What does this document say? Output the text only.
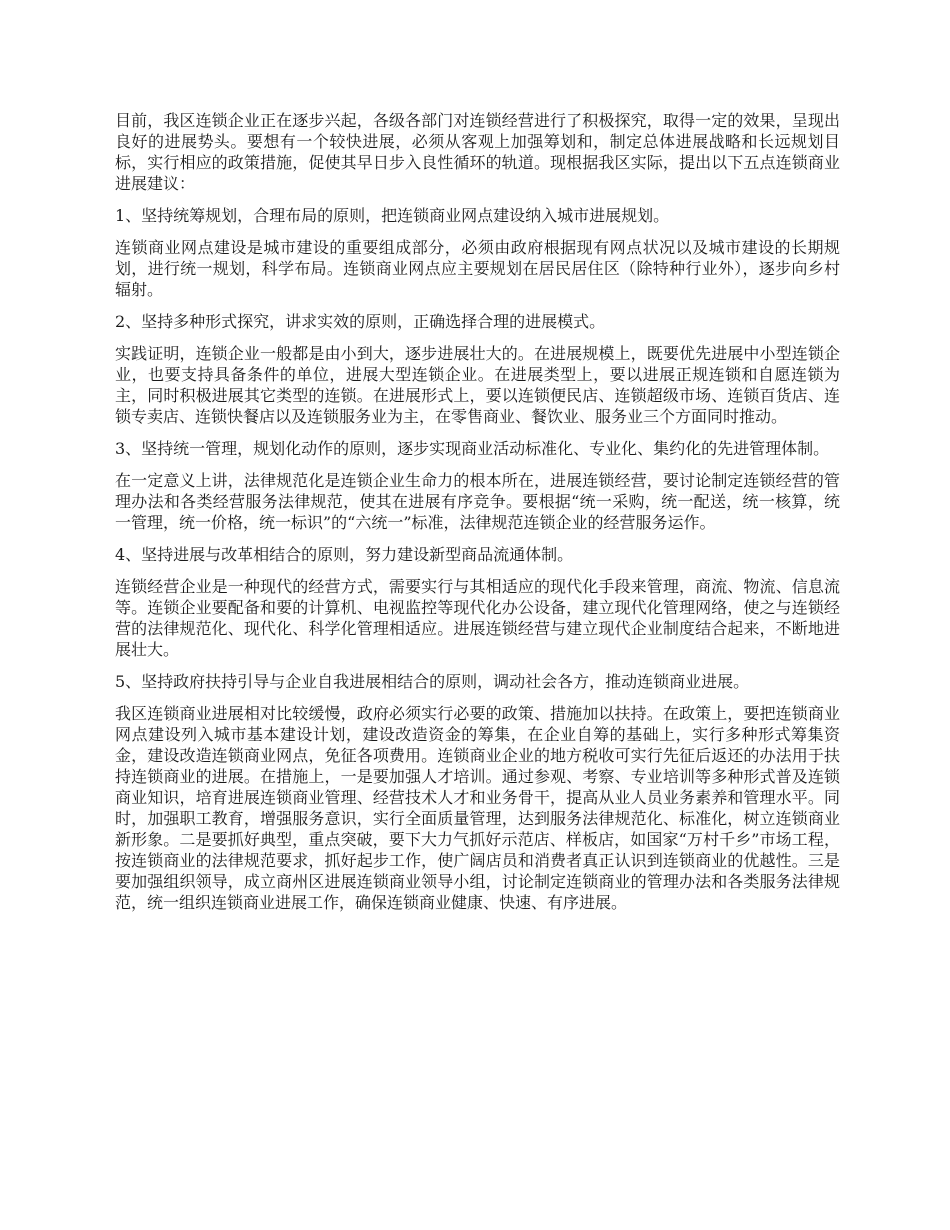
目前，我区连锁企业正在逐步兴起，各级各部门对连锁经营进行了积极探究，取得一定的效果，呈现出良好的进展势头。要想有一个较快进展，必须从客观上加强筹划和，制定总体进展战略和长远规划目标，实行相应的政策措施，促使其早日步入良性循环的轨道。现根据我区实际，提出以下五点连锁商业进展建议：

1、坚持统筹规划，合理布局的原则，把连锁商业网点建设纳入城市进展规划。

连锁商业网点建设是城市建设的重要组成部分，必须由政府根据现有网点状况以及城市建设的长期规划，进行统一规划，科学布局。连锁商业网点应主要规划在居民居住区（除特种行业外），逐步向乡村辐射。

2、坚持多种形式探究，讲求实效的原则，正确选择合理的进展模式。

实践证明，连锁企业一般都是由小到大，逐步进展壮大的。在进展规模上，既要优先进展中小型连锁企业，也要支持具备条件的单位，进展大型连锁企业。在进展类型上，要以进展正规连锁和自愿连锁为主，同时积极进展其它类型的连锁。在进展形式上，要以连锁便民店、连锁超级市场、连锁百货店、连锁专卖店、连锁快餐店以及连锁服务业为主，在零售商业、餐饮业、服务业三个方面同时推动。

3、坚持统一管理，规划化动作的原则，逐步实现商业活动标准化、专业化、集约化的先进管理体制。

在一定意义上讲，法律规范化是连锁企业生命力的根本所在，进展连锁经营，要讨论制定连锁经营的管理办法和各类经营服务法律规范，使其在进展有序竞争。要根据“统一采购，统一配送，统一核算，统一管理，统一价格，统一标识”的“六统一”标准，法律规范连锁企业的经营服务运作。

4、坚持进展与改革相结合的原则，努力建设新型商品流通体制。

连锁经营企业是一种现代的经营方式，需要实行与其相适应的现代化手段来管理，商流、物流、信息流等。连锁企业要配备和要的计算机、电视监控等现代化办公设备，建立现代化管理网络，使之与连锁经营的法律规范化、现代化、科学化管理相适应。进展连锁经营与建立现代企业制度结合起来，不断地进展壮大。

5、坚持政府扶持引导与企业自我进展相结合的原则，调动社会各方，推动连锁商业进展。

我区连锁商业进展相对比较缓慢，政府必须实行必要的政策、措施加以扶持。在政策上，要把连锁商业网点建设列入城市基本建设计划，建设改造资金的筹集，在企业自筹的基础上，实行多种形式筹集资金，建设改造连锁商业网点，免征各项费用。连锁商业企业的地方税收可实行先征后返还的办法用于扶持连锁商业的进展。在措施上，一是要加强人才培训。通过参观、考察、专业培训等多种形式普及连锁商业知识，培育进展连锁商业管理、经营技术人才和业务骨干，提高从业人员业务素养和管理水平。同时，加强职工教育，增强服务意识，实行全面质量管理，达到服务法律规范化、标准化，树立连锁商业新形象。二是要抓好典型，重点突破，要下大力气抓好示范店、样板店，如国家“万村千乡”市场工程，按连锁商业的法律规范要求，抓好起步工作，使广阔店员和消费者真正认识到连锁商业的优越性。三是要加强组织领导，成立商州区进展连锁商业领导小组，讨论制定连锁商业的管理办法和各类服务法律规范，统一组织连锁商业进展工作，确保连锁商业健康、快速、有序进展。
